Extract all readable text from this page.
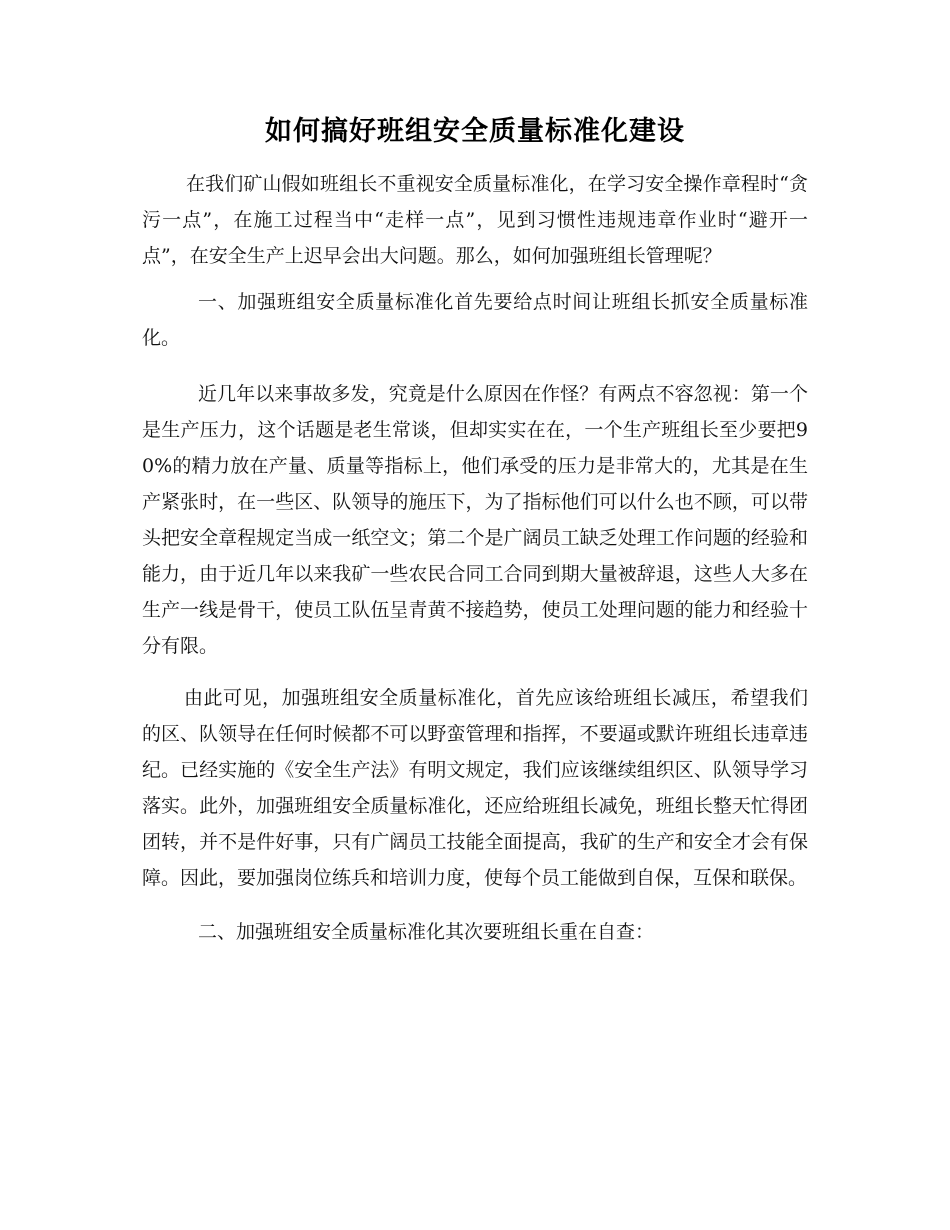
如何搞好班组安全质量标准化建设

在我们矿山假如班组长不重视安全质量标准化，在学习安全操作章程时“贪污一点”，在施工过程当中“走样一点”，见到习惯性违规违章作业时“避开一点”，在安全生产上迟早会出大问题。那么，如何加强班组长管理呢？

一、加强班组安全质量标准化首先要给点时间让班组长抓安全质量标准化。

近几年以来事故多发，究竟是什么原因在作怪？有两点不容忽视：第一个是生产压力，这个话题是老生常谈，但却实实在在，一个生产班组长至少要把90%的精力放在产量、质量等指标上，他们承受的压力是非常大的，尤其是在生产紧张时，在一些区、队领导的施压下，为了指标他们可以什么也不顾，可以带头把安全章程规定当成一纸空文；第二个是广阔员工缺乏处理工作问题的经验和能力，由于近几年以来我矿一些农民合同工合同到期大量被辞退，这些人大多在生产一线是骨干，使员工队伍呈青黄不接趋势，使员工处理问题的能力和经验十分有限。

由此可见，加强班组安全质量标准化，首先应该给班组长减压，希望我们的区、队领导在任何时候都不可以野蛮管理和指挥，不要逼或默许班组长违章违纪。已经实施的《安全生产法》有明文规定，我们应该继续组织区、队领导学习落实。此外，加强班组安全质量标准化，还应给班组长减免，班组长整天忙得团团转，并不是件好事，只有广阔员工技能全面提高，我矿的生产和安全才会有保障。因此，要加强岗位练兵和培训力度，使每个员工能做到自保，互保和联保。

二、加强班组安全质量标准化其次要班组长重在自查：
